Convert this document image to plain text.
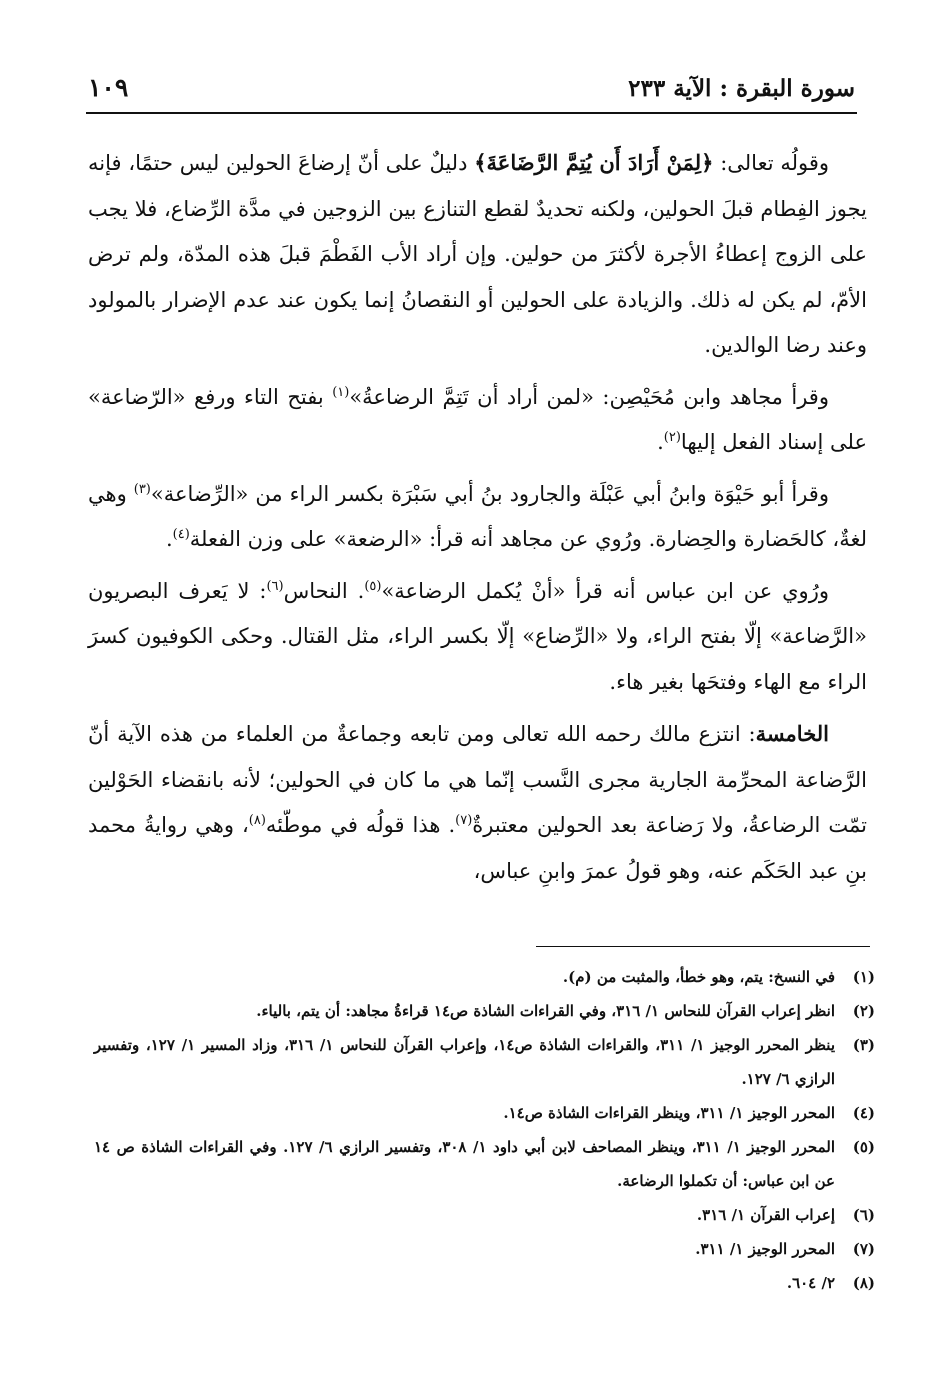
سورة البقرة : الآية ٢٣٣
١٠٩

وقولُه تعالى: ﴿لِمَنْ أَرَادَ أَن يُتِمَّ الرَّضَاعَةَ﴾ دليلٌ على أنّ إرضاعَ الحولين ليس حتمًا، فإنه يجوز الفِطام قبلَ الحولين، ولكنه تحديدٌ لقطع التنازع بين الزوجين في مدَّة الرِّضاع، فلا يجب على الزوج إعطاءُ الأجرة لأكثرَ من حولين. وإن أراد الأب الفَطْمَ قبلَ هذه المدّة، ولم ترض الأمّ، لم يكن له ذلك. والزيادة على الحولين أو النقصانُ إنما يكون عند عدم الإضرار بالمولود وعند رضا الوالدين.

وقرأ مجاهد وابن مُحَيْصِن: «لمن أراد أن تَتِمَّ الرضاعةُ»$^{(١)}$ بفتح التاء ورفع «الرّضاعة» على إسناد الفعل إليها$^{(٢)}$.

وقرأ أبو حَيْوَة وابنُ أبي عَبْلَة والجارود بنُ أبي سَبْرَة بكسر الراء من «الرِّضاعة»$^{(٣)}$ وهي لغةٌ، كالحَضارة والحِضارة. ورُوي عن مجاهد أنه قرأ: «الرضعة» على وزن الفعلة$^{(٤)}$.

ورُوي عن ابن عباس أنه قرأ «أنْ يُكمل الرضاعة»$^{(٥)}$. النحاس$^{(٦)}$: لا يَعرف البصريون «الرَّضاعة» إلّا بفتح الراء، ولا «الرِّضاع» إلّا بكسر الراء، مثل القتال. وحكى الكوفيون كسرَ الراء مع الهاء وفتحَها بغير هاء.

الخامسة: انتزع مالك رحمه الله تعالى ومن تابعه وجماعةٌ من العلماء من هذه الآية أنّ الرَّضاعة المحرِّمة الجارية مجرى النَّسب إنّما هي ما كان في الحولين؛ لأنه بانقضاء الحَوْلين تمّت الرضاعةُ، ولا رَضاعة بعد الحولين معتبرةٌ$^{(٧)}$. هذا قولُه في موطّئه$^{(٨)}$، وهي روايةُ محمد بنِ عبد الحَكَم عنه، وهو قولُ عمرَ وابنِ عباس،

(١)
في النسخ: يتم، وهو خطأ، والمثبت من (م).
(٢)
انظر إعراب القرآن للنحاس ١/ ٣١٦، وفي القراءات الشاذة ص١٤ قراءةُ مجاهد: أن يتم، بالياء.
(٣)
ينظر المحرر الوجيز ١/ ٣١١، والقراءات الشاذة ص١٤، وإعراب القرآن للنحاس ١/ ٣١٦، وزاد المسير ١/ ١٢٧، وتفسير الرازي ٦/ ١٢٧.
(٤)
المحرر الوجيز ١/ ٣١١، وينظر القراءات الشاذة ص١٤.
(٥)
المحرر الوجيز ١/ ٣١١، وينظر المصاحف لابن أبي داود ١/ ٣٠٨، وتفسير الرازي ٦/ ١٢٧. وفي القراءات الشاذة ص ١٤ عن ابن عباس: أن تكملوا الرضاعة.
(٦)
إعراب القرآن ١/ ٣١٦.
(٧)
المحرر الوجيز ١/ ٣١١.
(٨)
٢/ ٦٠٤.
